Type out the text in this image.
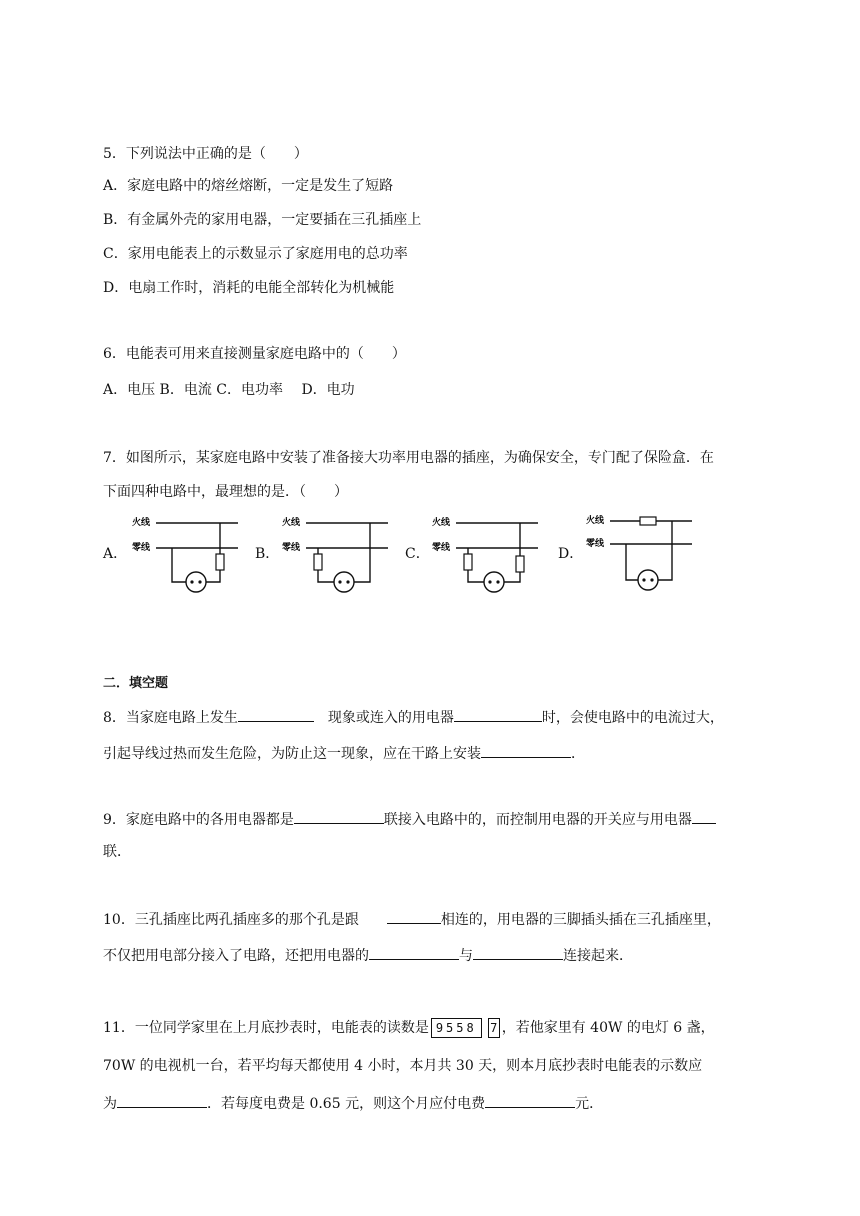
5．下列说法中正确的是（　　）
A．家庭电路中的熔丝熔断，一定是发生了短路
B．有金属外壳的家用电器，一定要插在三孔插座上
C．家用电能表上的示数显示了家庭用电的总功率
D．电扇工作时，消耗的电能全部转化为机械能
6．电能表可用来直接测量家庭电路中的（　　）
A．电压 B．电流 C．电功率　 D．电功
7．如图所示，某家庭电路中安装了准备接大功率用电器的插座，为确保安全，专门配了保险盒．在
下面四种电路中，最理想的是．（　　）
A．	B．	C．	D．
火线
零线
火线
零线
火线
零线
火线
零线
二．填空题
8．当家庭电路上发生	　现象或连入的用电器	时，会使电路中的电流过大，
引起导线过热而发生危险，为防止这一现象，应在干路上安装	．
9．家庭电路中的各用电器都是	联接入电路中的，而控制用电器的开关应与用电器
联．
10．三孔插座比两孔插座多的那个孔是跟　　	相连的，用电器的三脚插头插在三孔插座里，
不仅把用电部分接入了电路，还把用电器的	与	连接起来．
11．一位同学家里在上月底抄表时，电能表的读数是 9558	7 ，若他家里有 40W 的电灯 6 盏，
70W 的电视机一台，若平均每天都使用 4 小时，本月共 30 天，则本月底抄表时电能表的示数应
为	．若每度电费是 0.65 元，则这个月应付电费	元．
